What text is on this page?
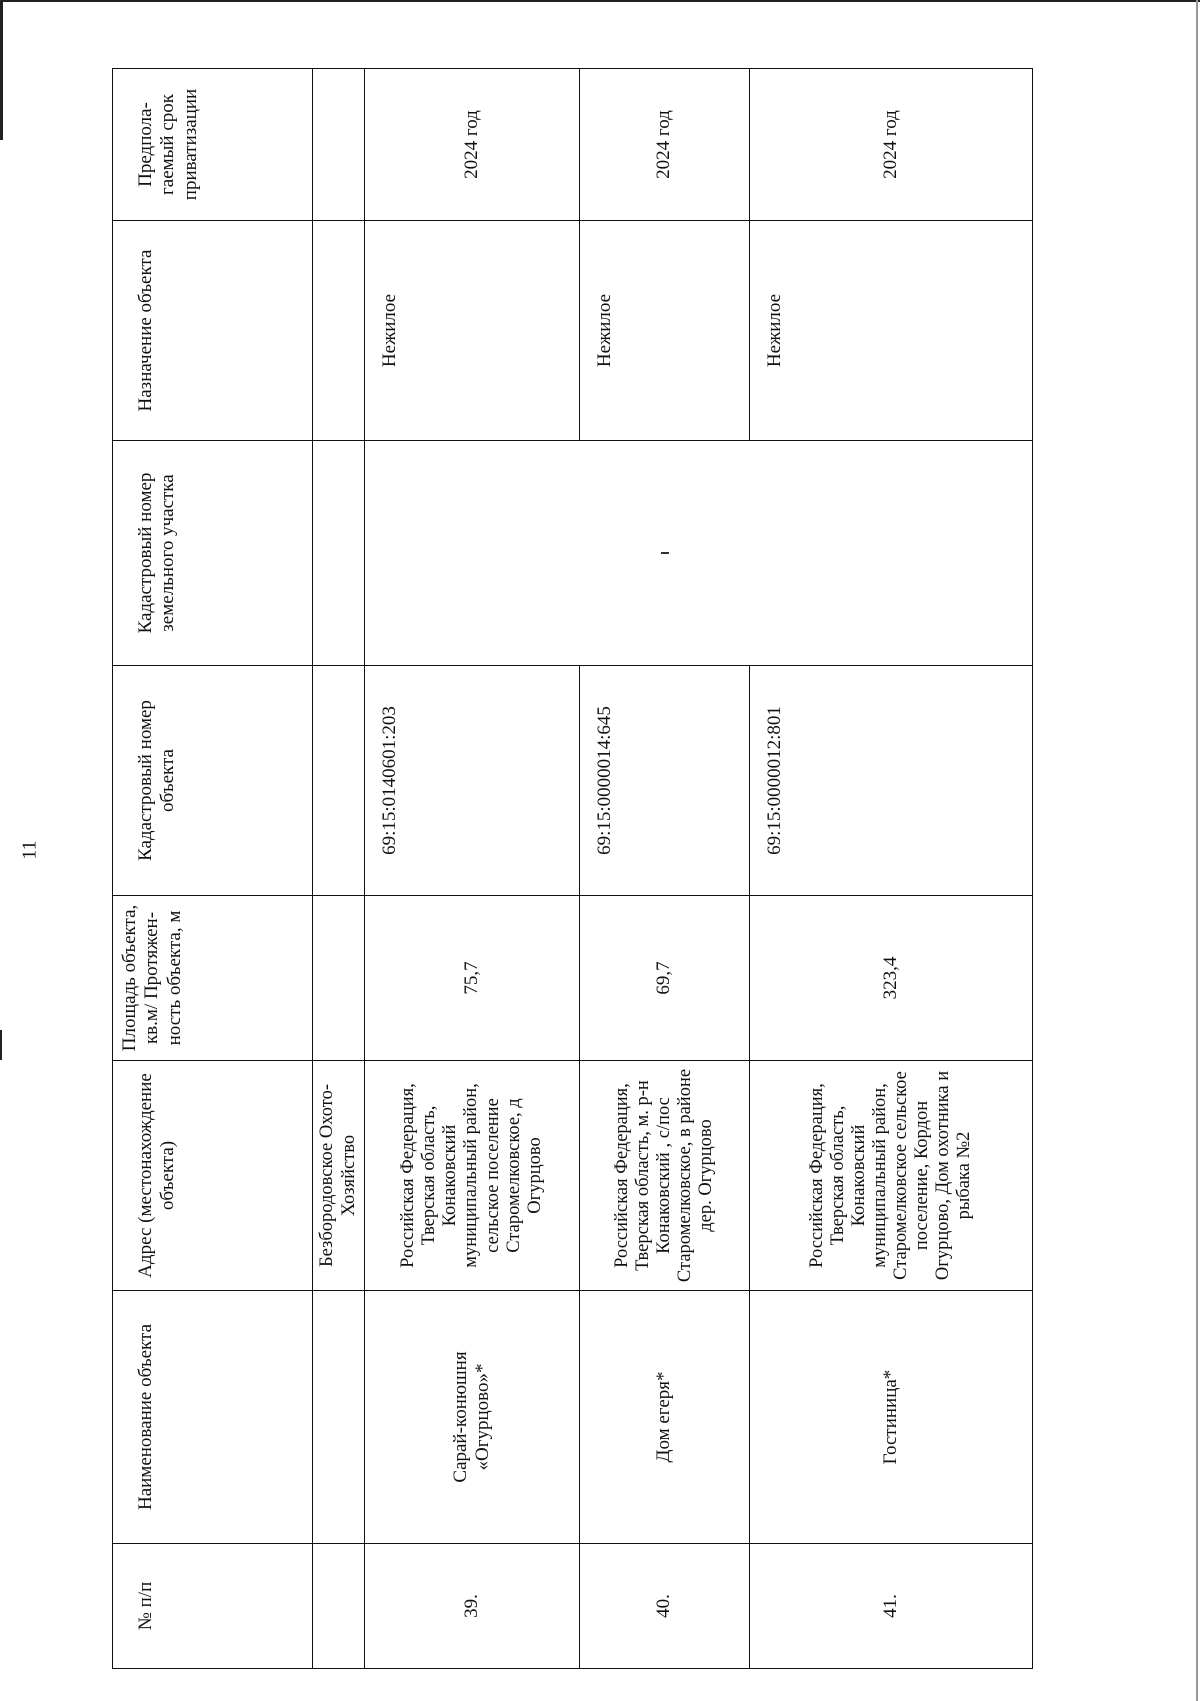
11
№ п/п	Наименование объекта	Адрес (местонахождение объекта)	Площадь объекта, кв.м/ Протяжен-ность объекта, м	Кадастровый номер объекта	Кадастровый номер земельного участка	Назначение объекта	Предпола-гаемый срок приватизации
		Безбородовское Охото-Хозяйство					
39.	Сарай-конюшня «Огурцово»*	Российская Федерация, Тверская область, Конаковский муниципальный район, сельское поселение Старомелковское, д Огурцово	75,7	69:15:0140601:203		Нежилое	2024 год
40.	Дом егеря*	Российская Федерация, Тверская область, м. р-н Конаковский , с/пос Старомелковское, в районе дер. Огурцово	69,7	69:15:0000014:645		Нежилое	2024 год
41.	Гостиница*	Российская Федерация, Тверская область, Конаковский муниципальный район, Старомелковское сельское поселение, Кордон Огурцово, Дом охотника и рыбака №2	323,4	69:15:0000012:801		Нежилое	2024 год
